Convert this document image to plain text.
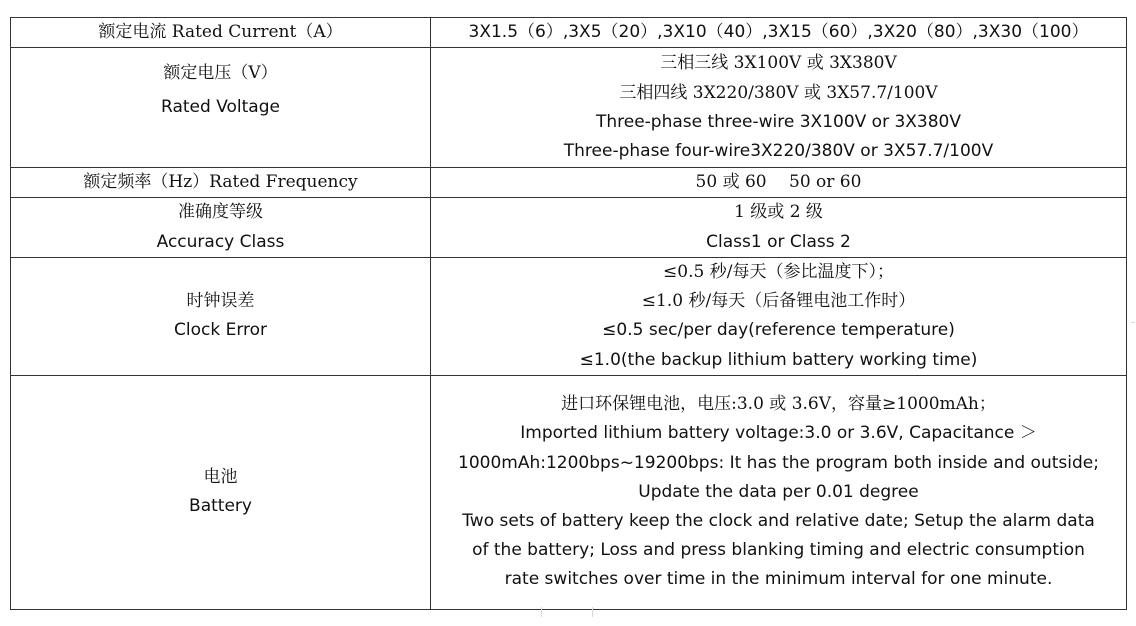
额定电流 Rated Current（A）	3X1.5（6）,3X5（20）,3X10（40）,3X15（60）,3X20（80）,3X30（100）

额定电压（V）
Rated Voltage	三相三线 3X100V 或 3X380V
三相四线 3X220/380V 或 3X57.7/100V
Three-phase three-wire 3X100V or 3X380V
Three-phase four-wire3X220/380V or 3X57.7/100V

额定频率（Hz）Rated Frequency	50 或 60　 50 or 60

准确度等级
Accuracy Class	1 级或 2 级
Class1 or Class 2

时钟误差
Clock Error	≤0.5 秒/每天（参比温度下）；
≤1.0 秒/每天（后备锂电池工作时）
≤0.5 sec/per day(reference temperature)
≤1.0(the backup lithium battery working time)

电池
Battery	进口环保锂电池，电压:3.0 或 3.6V，容量≥1000mAh；
Imported lithium battery voltage:3.0 or 3.6V, Capacitance ＞ 1000mAh:1200bps~19200bps: It has the program both inside and outside; Update the data per 0.01 degree
Two sets of battery keep the clock and relative date; Setup the alarm data of the battery; Loss and press blanking timing and electric consumption rate switches over time in the minimum interval for one minute.
